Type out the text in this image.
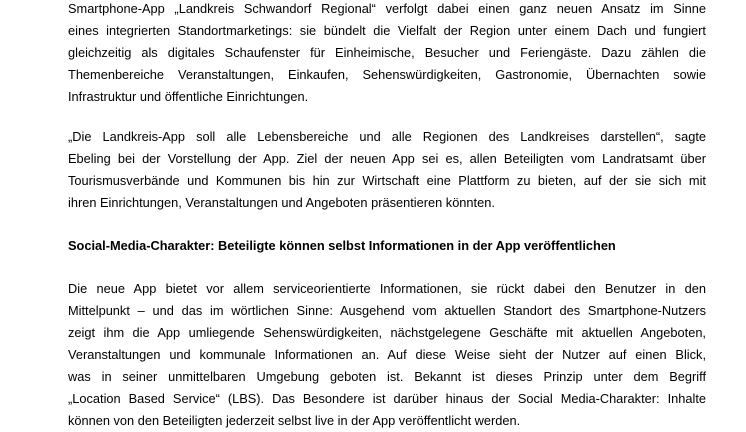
Smartphone-App „Landkreis Schwandorf Regional“ verfolgt dabei einen ganz neuen Ansatz im Sinne
eines integrierten Standortmarketings: sie bündelt die Vielfalt der Region unter einem Dach und fungiert
gleichzeitig als digitales Schaufenster für Einheimische, Besucher und Feriengäste. Dazu zählen die
Themenbereiche Veranstaltungen, Einkaufen, Sehenswürdigkeiten, Gastronomie, Übernachten sowie
Infrastruktur und öffentliche Einrichtungen.
„Die Landkreis-App soll alle Lebensbereiche und alle Regionen des Landkreises darstellen“, sagte
Ebeling bei der Vorstellung der App. Ziel der neuen App sei es, allen Beteiligten vom Landratsamt über
Tourismusverbände und Kommunen bis hin zur Wirtschaft eine Plattform zu bieten, auf der sie sich mit
ihren Einrichtungen, Veranstaltungen und Angeboten präsentieren könnten.
Social-Media-Charakter: Beteiligte können selbst Informationen in der App veröffentlichen
Die neue App bietet vor allem serviceorientierte Informationen, sie rückt dabei den Benutzer in den
Mittelpunkt – und das im wörtlichen Sinne: Ausgehend vom aktuellen Standort des Smartphone-Nutzers
zeigt ihm die App umliegende Sehenswürdigkeiten, nächstgelegene Geschäfte mit aktuellen Angeboten,
Veranstaltungen und kommunale Informationen an. Auf diese Weise sieht der Nutzer auf einen Blick,
was in seiner unmittelbaren Umgebung geboten ist. Bekannt ist dieses Prinzip unter dem Begriff
„Location Based Service“ (LBS). Das Besondere ist darüber hinaus der Social Media-Charakter: Inhalte
können von den Beteiligten jederzeit selbst live in der App veröffentlicht werden.
